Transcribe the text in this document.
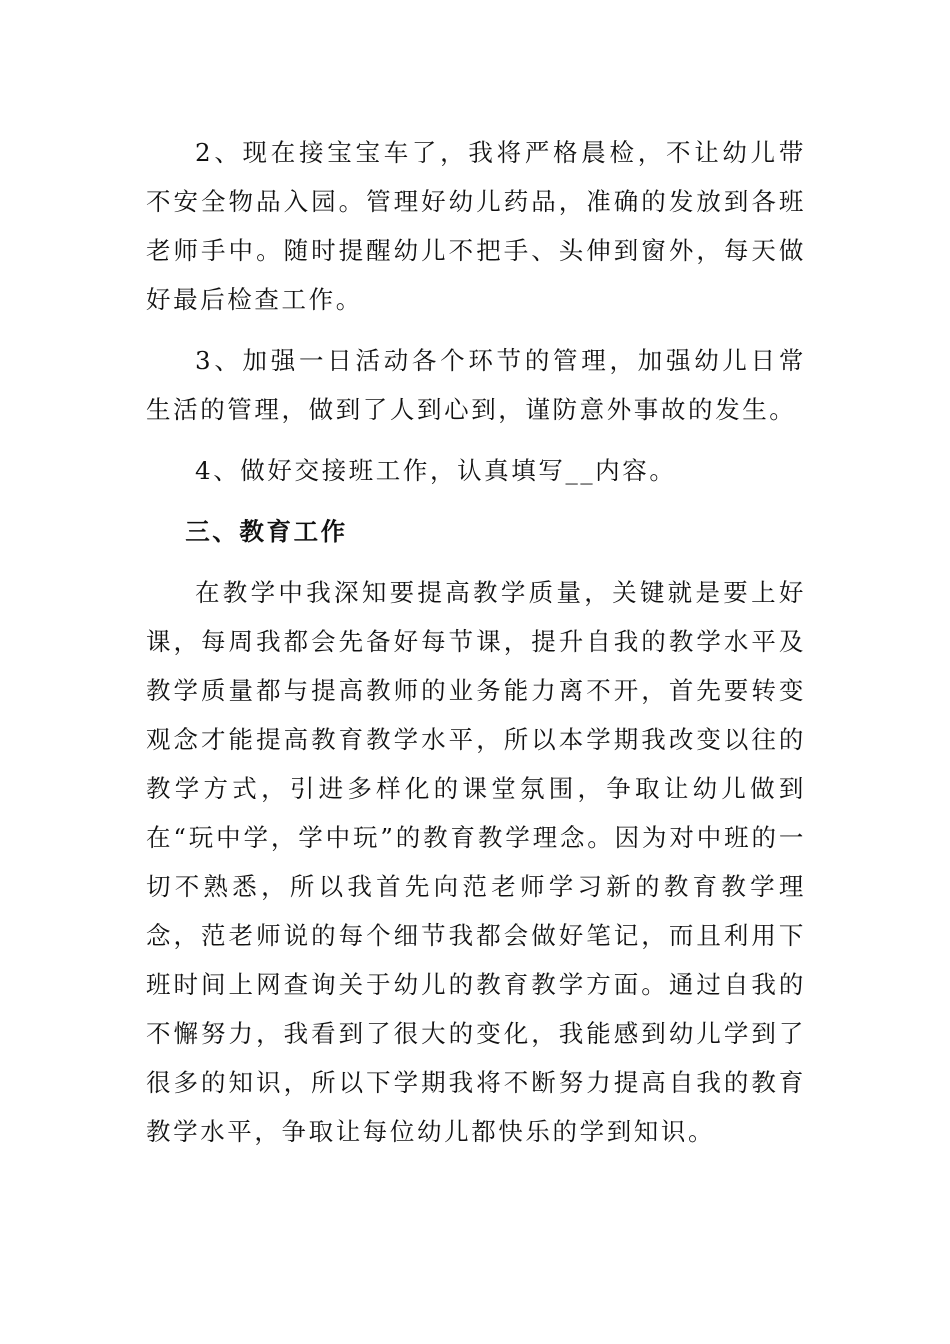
2、现在接宝宝车了，我将严格晨检，不让幼儿带不安全物品入园。管理好幼儿药品，准确的发放到各班老师手中。随时提醒幼儿不把手、头伸到窗外，每天做好最后检查工作。

3、加强一日活动各个环节的管理，加强幼儿日常生活的管理，做到了人到心到，谨防意外事故的发生。

4、做好交接班工作，认真填写__内容。

三、教育工作

在教学中我深知要提高教学质量，关键就是要上好课，每周我都会先备好每节课，提升自我的教学水平及教学质量都与提高教师的业务能力离不开，首先要转变观念才能提高教育教学水平，所以本学期我改变以往的教学方式，引进多样化的课堂氛围，争取让幼儿做到在“玩中学，学中玩”的教育教学理念。因为对中班的一切不熟悉，所以我首先向范老师学习新的教育教学理念，范老师说的每个细节我都会做好笔记，而且利用下班时间上网查询关于幼儿的教育教学方面。通过自我的不懈努力，我看到了很大的变化，我能感到幼儿学到了很多的知识，所以下学期我将不断努力提高自我的教育教学水平，争取让每位幼儿都快乐的学到知识。
